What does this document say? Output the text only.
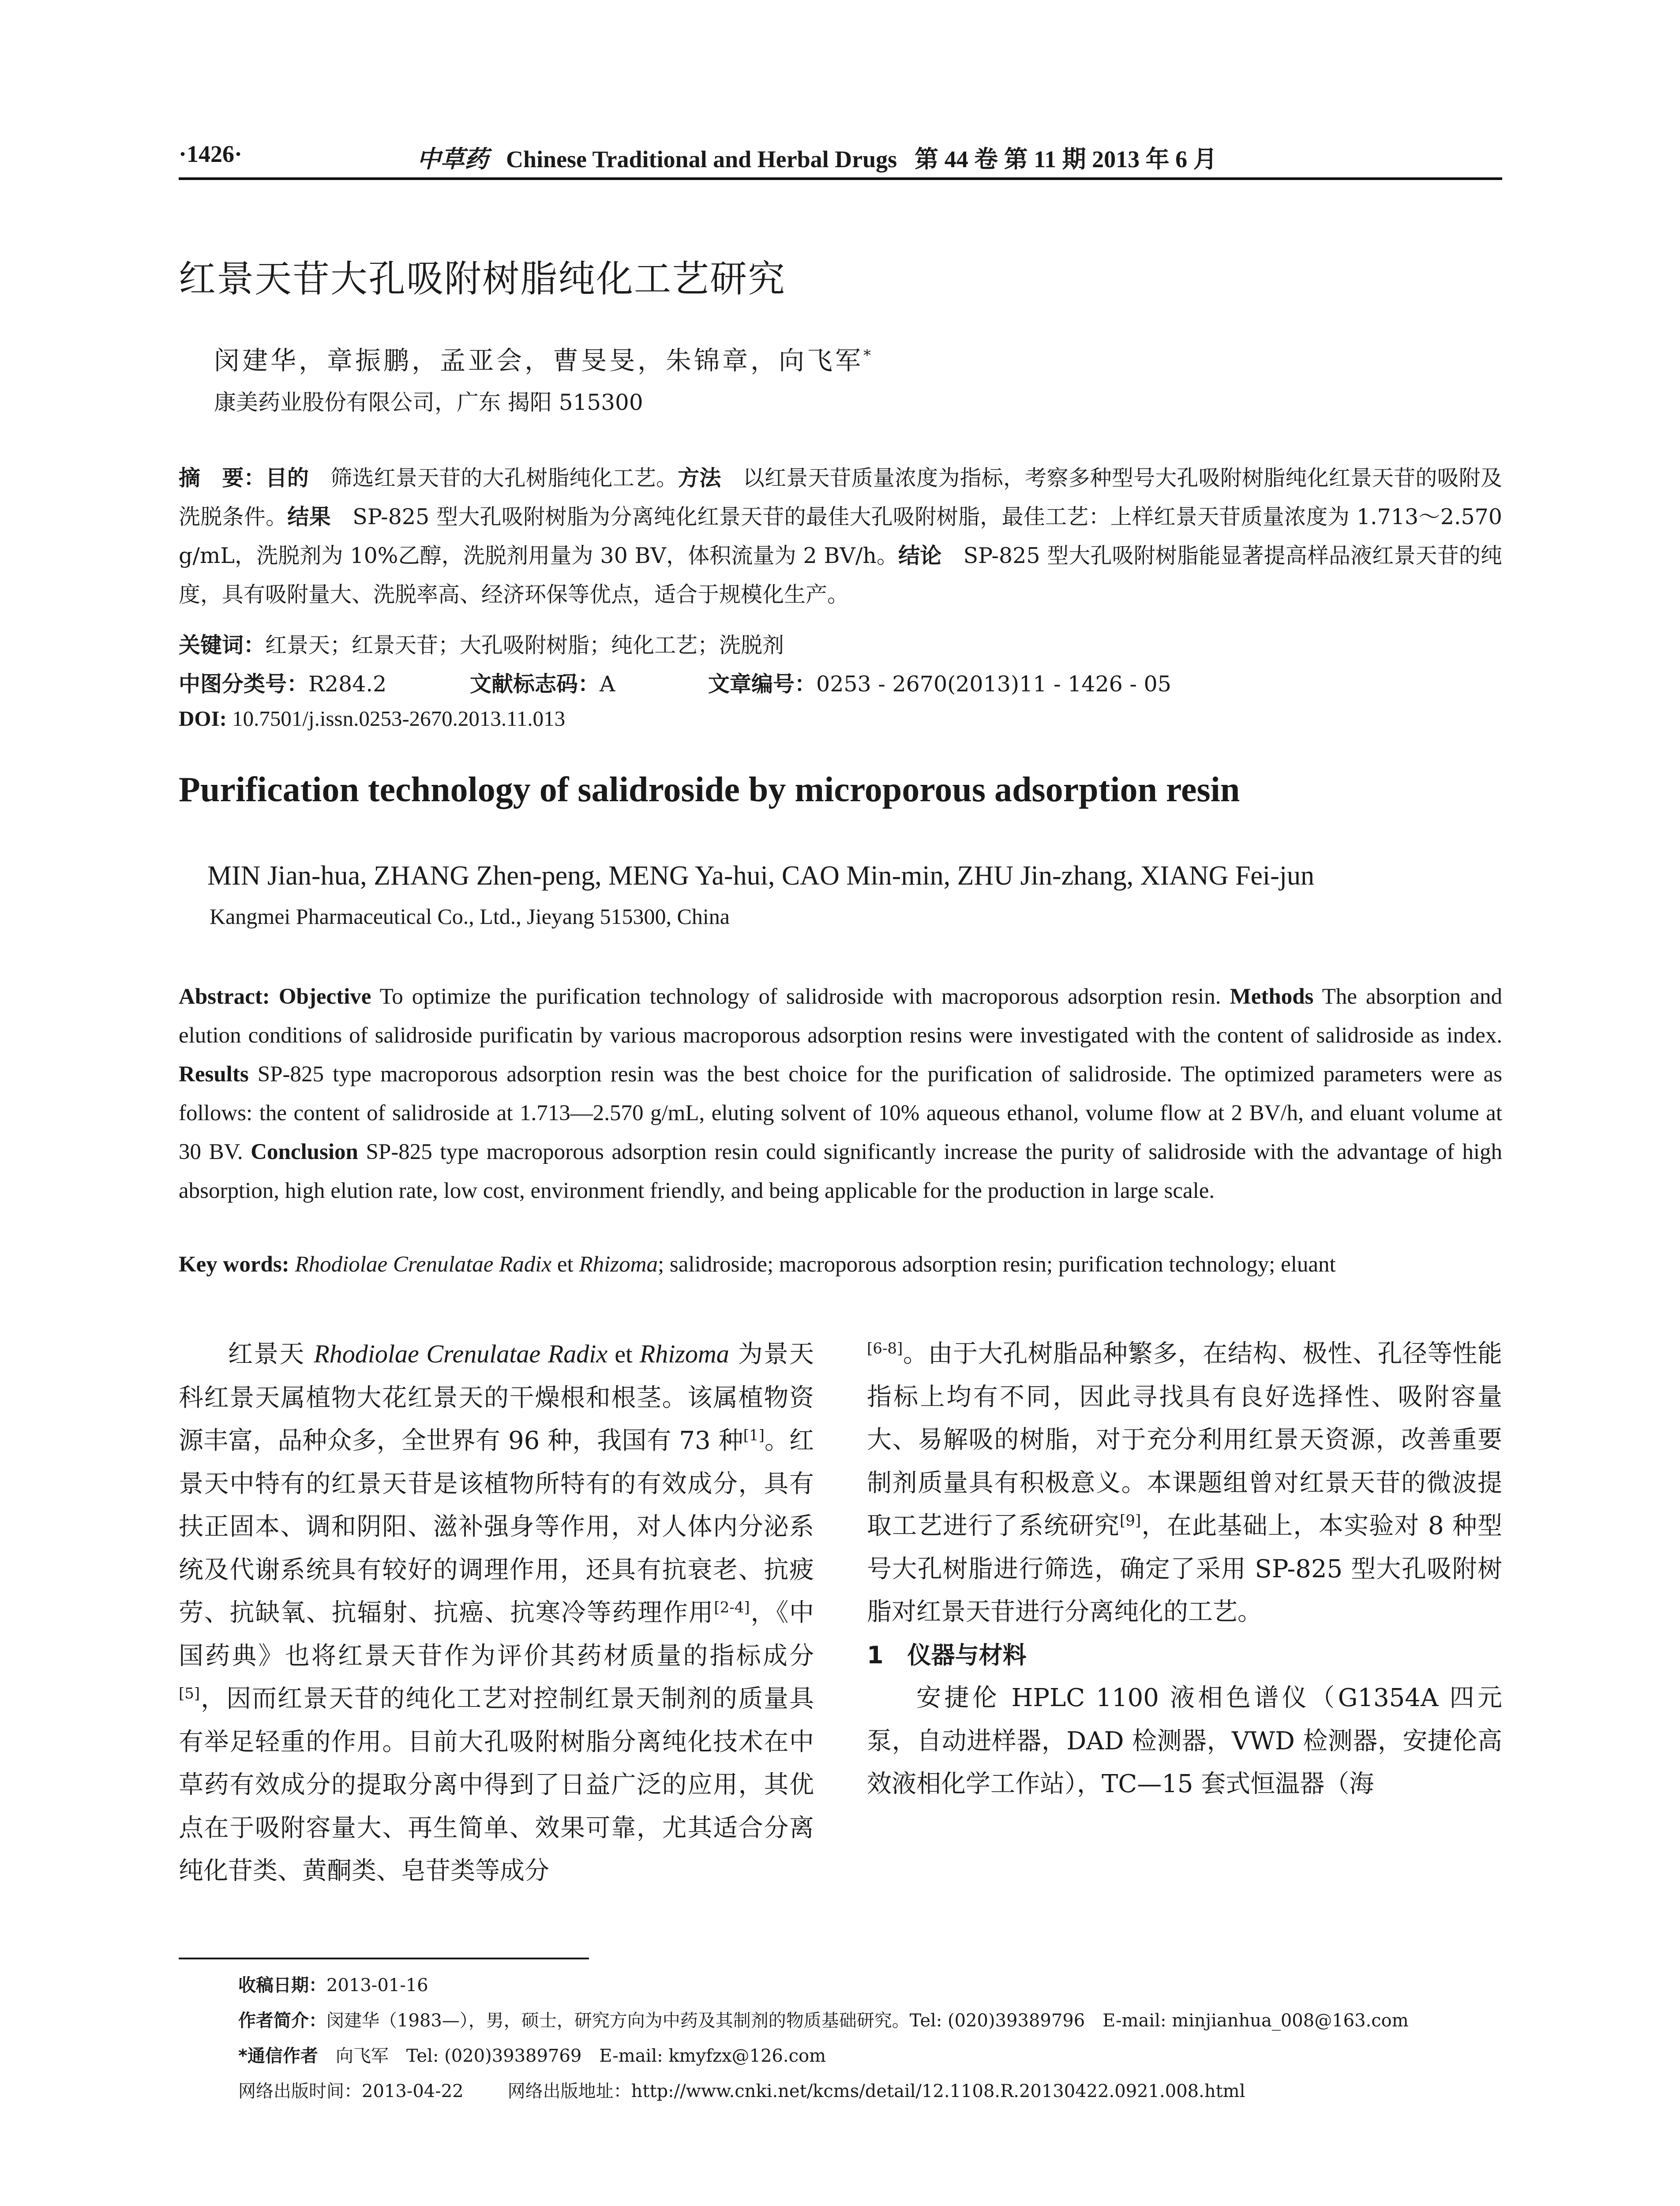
·1426·	中草药 Chinese Traditional and Herbal Drugs 第 44 卷 第 11 期 2013 年 6 月
红景天苷大孔吸附树脂纯化工艺研究
闵建华，章振鹏，孟亚会，曹旻旻，朱锦章，向飞军*
康美药业股份有限公司，广东 揭阳 515300
摘　要：目的　筛选红景天苷的大孔树脂纯化工艺。方法　以红景天苷质量浓度为指标，考察多种型号大孔吸附树脂纯化红景天苷的吸附及洗脱条件。结果　SP-825 型大孔吸附树脂为分离纯化红景天苷的最佳大孔吸附树脂，最佳工艺：上样红景天苷质量浓度为 1.713～2.570 g/mL，洗脱剂为 10%乙醇，洗脱剂用量为 30 BV，体积流量为 2 BV/h。结论　SP-825 型大孔吸附树脂能显著提高样品液红景天苷的纯度，具有吸附量大、洗脱率高、经济环保等优点，适合于规模化生产。
关键词：红景天；红景天苷；大孔吸附树脂；纯化工艺；洗脱剂
中图分类号：R284.2	文献标志码：A	文章编号：0253 - 2670(2013)11 - 1426 - 05
DOI: 10.7501/j.issn.0253-2670.2013.11.013
Purification technology of salidroside by microporous adsorption resin
MIN Jian-hua, ZHANG Zhen-peng, MENG Ya-hui, CAO Min-min, ZHU Jin-zhang, XIANG Fei-jun
Kangmei Pharmaceutical Co., Ltd., Jieyang 515300, China
Abstract: Objective To optimize the purification technology of salidroside with macroporous adsorption resin. Methods The absorption and elution conditions of salidroside purificatin by various macroporous adsorption resins were investigated with the content of salidroside as index. Results SP-825 type macroporous adsorption resin was the best choice for the purification of salidroside. The optimized parameters were as follows: the content of salidroside at 1.713—2.570 g/mL, eluting solvent of 10% aqueous ethanol, volume flow at 2 BV/h, and eluant volume at 30 BV. Conclusion SP-825 type macroporous adsorption resin could significantly increase the purity of salidroside with the advantage of high absorption, high elution rate, low cost, environment friendly, and being applicable for the production in large scale.
Key words: Rhodiolae Crenulatae Radix et Rhizoma; salidroside; macroporous adsorption resin; purification technology; eluant

红景天 Rhodiolae Crenulatae Radix et Rhizoma 为景天科红景天属植物大花红景天的干燥根和根茎。该属植物资源丰富，品种众多，全世界有 96 种，我国有 73 种[1]。红景天中特有的红景天苷是该植物所特有的有效成分，具有扶正固本、调和阴阳、滋补强身等作用，对人体内分泌系统及代谢系统具有较好的调理作用，还具有抗衰老、抗疲劳、抗缺氧、抗辐射、抗癌、抗寒冷等药理作用[2-4]，《中国药典》也将红景天苷作为评价其药材质量的指标成分[5]，因而红景天苷的纯化工艺对控制红景天制剂的质量具有举足轻重的作用。目前大孔吸附树脂分离纯化技术在中草药有效成分的提取分离中得到了日益广泛的应用，其优点在于吸附容量大、再生简单、效果可靠，尤其适合分离纯化苷类、黄酮类、皂苷类等成分

[6-8]。由于大孔树脂品种繁多，在结构、极性、孔径等性能指标上均有不同，因此寻找具有良好选择性、吸附容量大、易解吸的树脂，对于充分利用红景天资源，改善重要制剂质量具有积极意义。本课题组曾对红景天苷的微波提取工艺进行了系统研究[9]，在此基础上，本实验对 8 种型号大孔树脂进行筛选，确定了采用 SP-825 型大孔吸附树脂对红景天苷进行分离纯化的工艺。

1　仪器与材料

安捷伦 HPLC 1100 液相色谱仪（G1354A 四元泵，自动进样器，DAD 检测器，VWD 检测器，安捷伦高效液相化学工作站），TC—15 套式恒温器（海

收稿日期：2013-01-16
作者简介：闵建华（1983—），男，硕士，研究方向为中药及其制剂的物质基础研究。Tel: (020)39389796　E-mail: minjianhua_008@163.com
*通信作者　向飞军　Tel: (020)39389769　E-mail: kmyfzx@126.com
网络出版时间：2013-04-22	网络出版地址：http://www.cnki.net/kcms/detail/12.1108.R.20130422.0921.008.html
